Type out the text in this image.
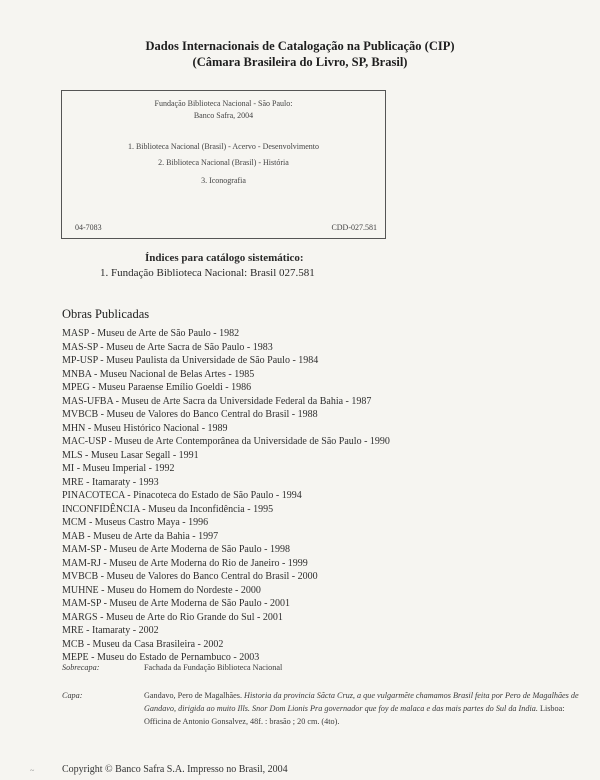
Dados Internacionais de Catalogação na Publicação (CIP)
(Câmara Brasileira do Livro, SP, Brasil)
Fundação Biblioteca Nacional - São Paulo:
Banco Safra, 2004
1. Biblioteca Nacional (Brasil) - Acervo - Desenvolvimento
2. Biblioteca Nacional (Brasil) - História
3. Iconografia
04-7083	CDD-027.581
Índices para catálogo sistemático:
1. Fundação Biblioteca Nacional: Brasil 027.581
Obras Publicadas
MASP - Museu de Arte de São Paulo - 1982
MAS-SP - Museu de Arte Sacra de São Paulo - 1983
MP-USP - Museu Paulista da Universidade de São Paulo - 1984
MNBA - Museu Nacional de Belas Artes - 1985
MPEG - Museu Paraense Emílio Goeldi - 1986
MAS-UFBA - Museu de Arte Sacra da Universidade Federal da Bahia - 1987
MVBCB - Museu de Valores do Banco Central do Brasil - 1988
MHN - Museu Histórico Nacional - 1989
MAC-USP - Museu de Arte Contemporânea da Universidade de São Paulo - 1990
MLS - Museu Lasar Segall - 1991
MI - Museu Imperial - 1992
MRE - Itamaraty - 1993
PINACOTECA - Pinacoteca do Estado de São Paulo - 1994
INCONFIDÊNCIA - Museu da Inconfidência - 1995
MCM - Museus Castro Maya - 1996
MAB - Museu de Arte da Bahia - 1997
MAM-SP - Museu de Arte Moderna de São Paulo - 1998
MAM-RJ - Museu de Arte Moderna do Rio de Janeiro - 1999
MVBCB - Museu de Valores do Banco Central do Brasil - 2000
MUHNE - Museu do Homem do Nordeste - 2000
MAM-SP - Museu de Arte Moderna de São Paulo - 2001
MARGS - Museu de Arte do Rio Grande do Sul - 2001
MRE - Itamaraty - 2002
MCB - Museu da Casa Brasileira - 2002
MEPE - Museu do Estado de Pernambuco - 2003
Sobrecapa:	Fachada da Fundação Biblioteca Nacional
Capa:	Gandavo, Pero de Magalhães. Historia da provincia Sãcta Cruz, a que vulgarmẽte chamamos Brasil feita por Pero de Magalhães de Gandavo, dirigida ao muito Ills. Snor Dom Lionis Pra governador que foy de malaca e das mais partes do Sul da India. Lisboa: Officina de Antonio Gonsalvez, 48f. : brasão ; 20 cm. (4to).
~	Copyright © Banco Safra S.A. Impresso no Brasil, 2004
